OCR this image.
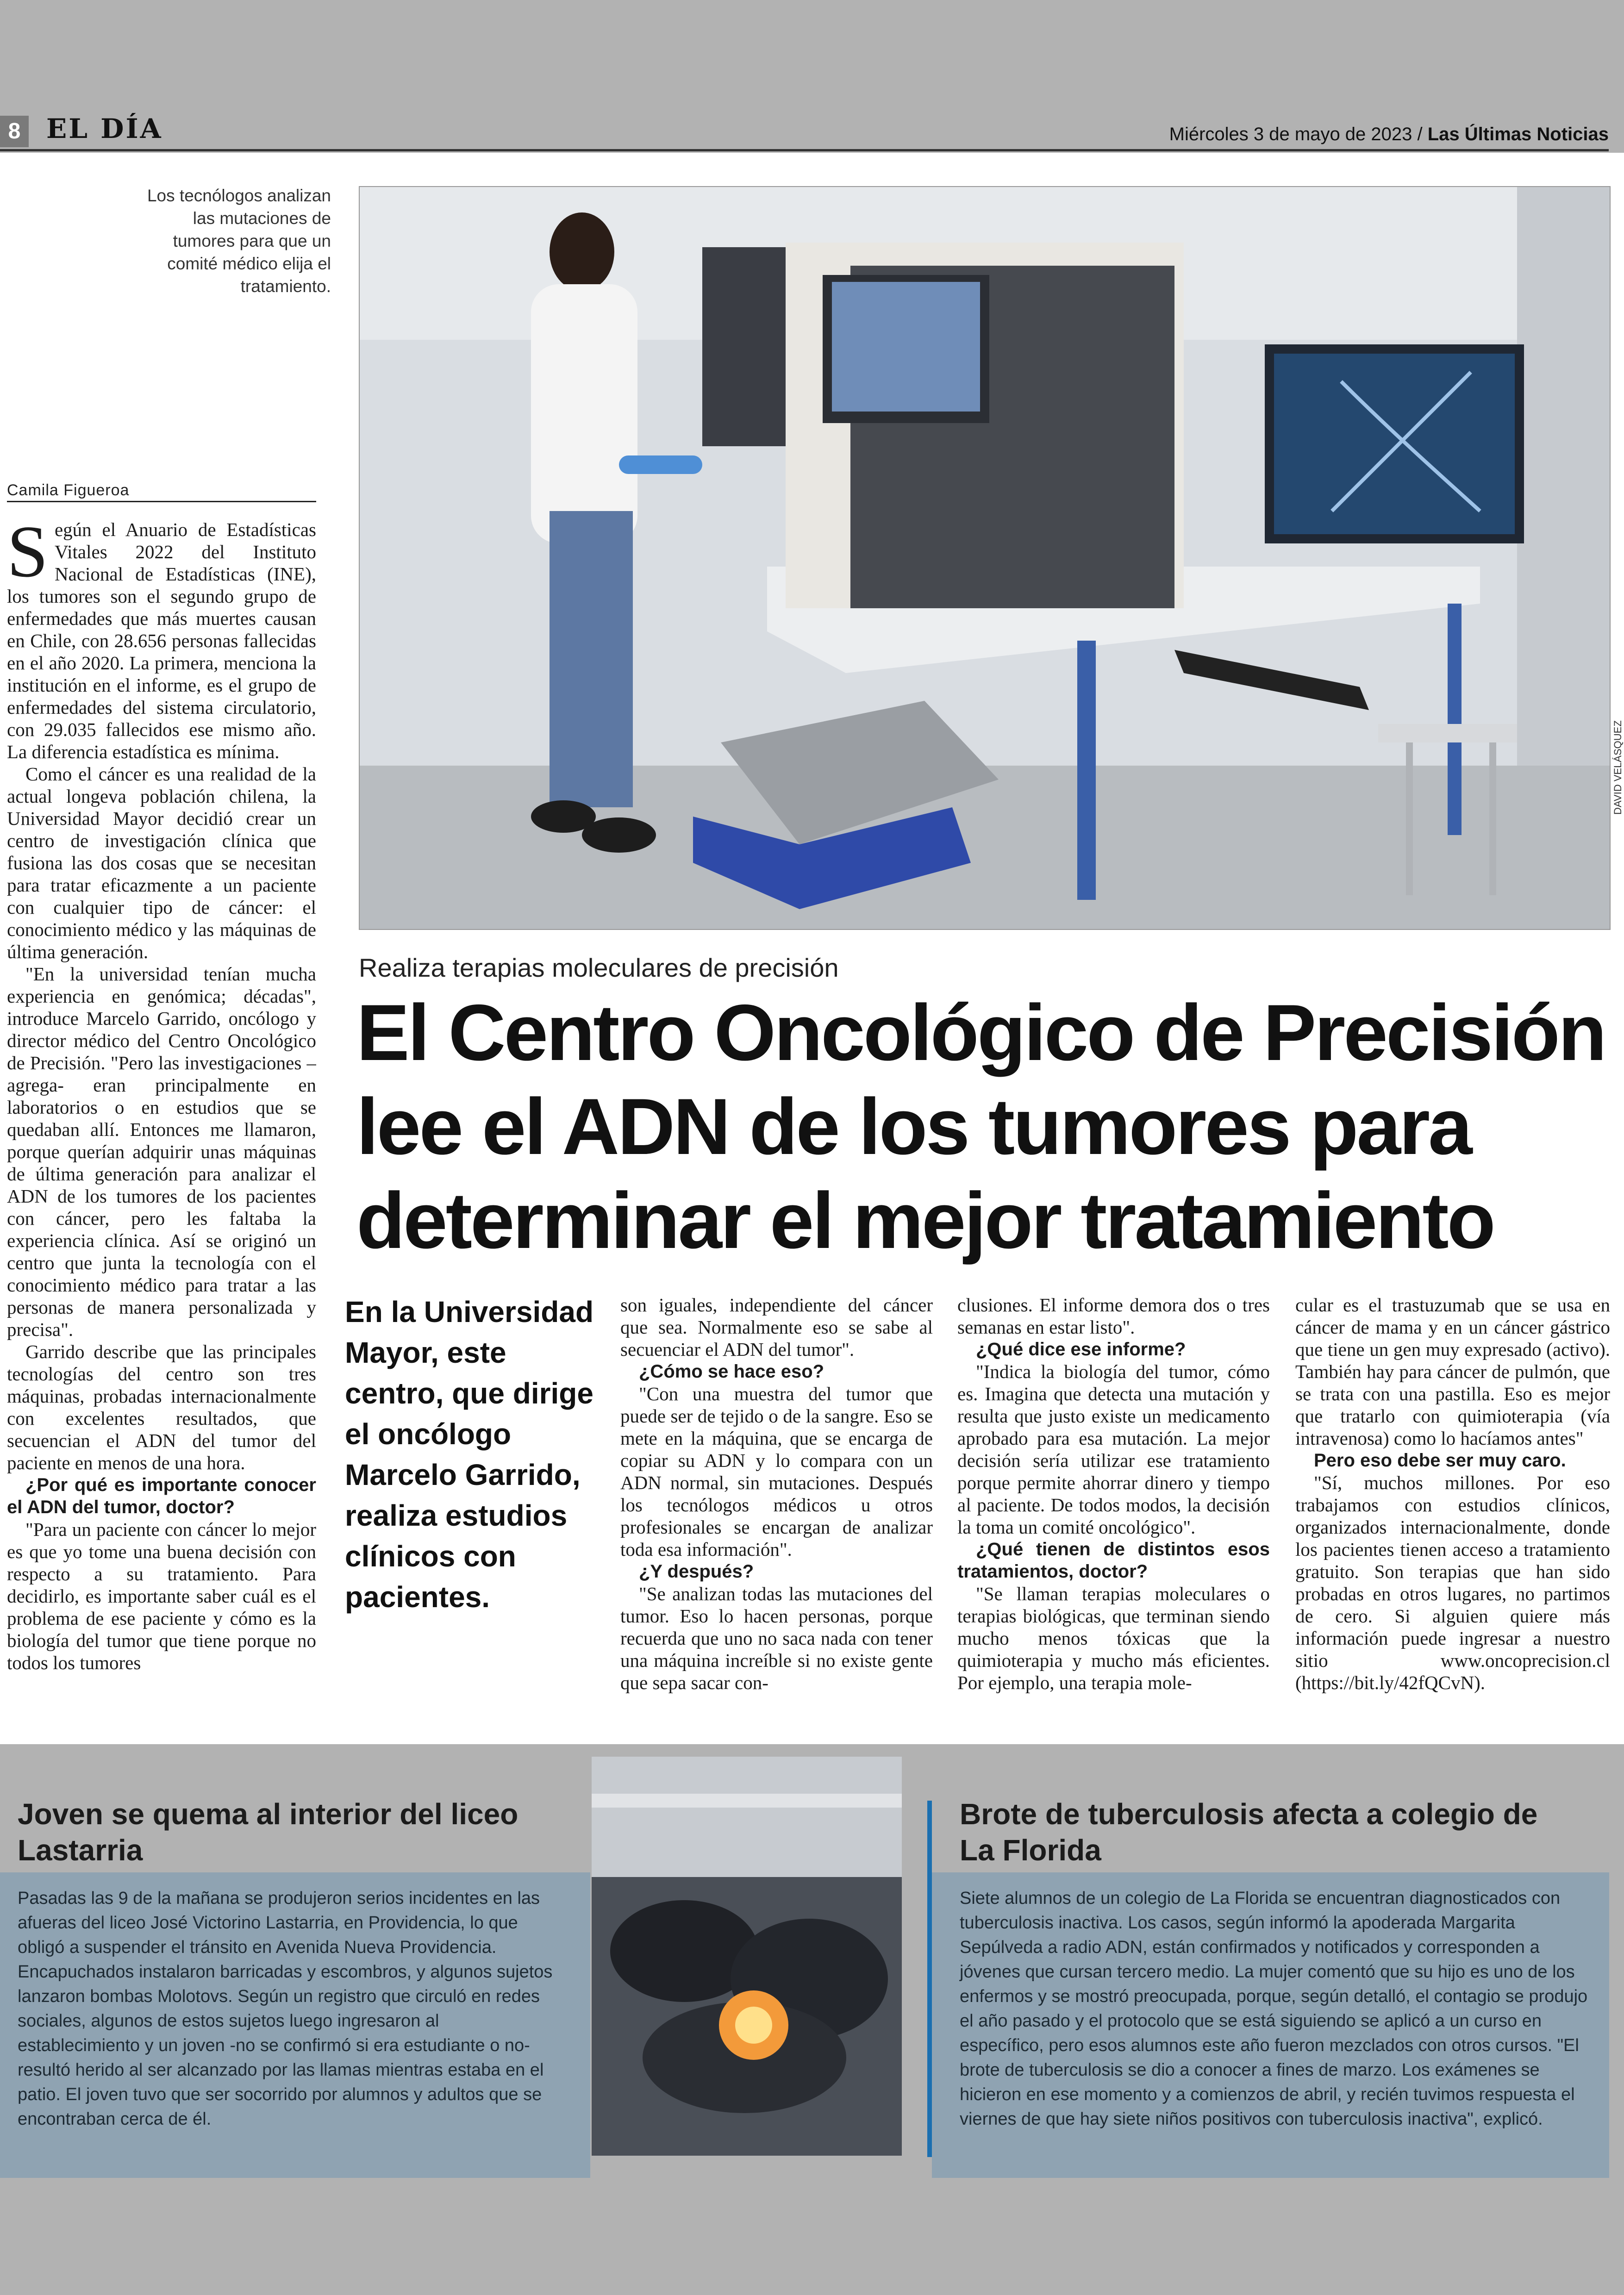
8 EL DÍA	Miércoles 3 de mayo de 2023 / Las Últimas Noticias
Los tecnólogos analizan las mutaciones de tumores para que un comité médico elija el tratamiento.
DAVID VELÁSQUEZ
Camila Figueroa

Según el Anuario de Estadísticas Vitales 2022 del Instituto Nacional de Estadísticas (INE), los tumores son el segundo grupo de enfermedades que más muertes causan en Chile, con 28.656 personas fallecidas en el año 2020. La primera, menciona la institución en el informe, es el grupo de enfermedades del sistema circulatorio, con 29.035 fallecidos ese mismo año. La diferencia estadística es mínima.

Como el cáncer es una realidad de la actual longeva población chilena, la Universidad Mayor decidió crear un centro de investigación clínica que fusiona las dos cosas que se necesitan para tratar eficazmente a un paciente con cualquier tipo de cáncer: el conocimiento médico y las máquinas de última generación.

"En la universidad tenían mucha experiencia en genómica; décadas", introduce Marcelo Garrido, oncólogo y director médico del Centro Oncológico de Precisión. "Pero las investigaciones –agrega- eran principalmente en laboratorios o en estudios que se quedaban allí. Entonces me llamaron, porque querían adquirir unas máquinas de última generación para analizar el ADN de los tumores de los pacientes con cáncer, pero les faltaba la experiencia clínica. Así se originó un centro que junta la tecnología con el conocimiento médico para tratar a las personas de manera personalizada y precisa".

Garrido describe que las principales tecnologías del centro son tres máquinas, probadas internacionalmente con excelentes resultados, que secuencian el ADN del tumor del paciente en menos de una hora.

¿Por qué es importante conocer el ADN del tumor, doctor?

"Para un paciente con cáncer lo mejor es que yo tome una buena decisión con respecto a su tratamiento. Para decidirlo, es importante saber cuál es el problema de ese paciente y cómo es la biología del tumor que tiene porque no todos los tumores

Realiza terapias moleculares de precisión
El Centro Oncológico de Precisión
lee el ADN de los tumores para
determinar el mejor tratamiento
En la Universidad Mayor, este centro, que dirige el oncólogo Marcelo Garrido, realiza estudios clínicos con pacientes.

son iguales, independiente del cáncer que sea. Normalmente eso se sabe al secuenciar el ADN del tumor".

¿Cómo se hace eso?

"Con una muestra del tumor que puede ser de tejido o de la sangre. Eso se mete en la máquina, que se encarga de copiar su ADN y lo compara con un ADN normal, sin mutaciones. Después los tecnólogos médicos u otros profesionales se encargan de analizar toda esa información".

¿Y después?

"Se analizan todas las mutaciones del tumor. Eso lo hacen personas, porque recuerda que uno no saca nada con tener una máquina increíble si no existe gente que sepa sacar con-

clusiones. El informe demora dos o tres semanas en estar listo".

¿Qué dice ese informe?

"Indica la biología del tumor, cómo es. Imagina que detecta una mutación y resulta que justo existe un medicamento aprobado para esa mutación. La mejor decisión sería utilizar ese tratamiento porque permite ahorrar dinero y tiempo al paciente. De todos modos, la decisión la toma un comité oncológico".

¿Qué tienen de distintos esos tratamientos, doctor?

"Se llaman terapias moleculares o terapias biológicas, que terminan siendo mucho menos tóxicas que la quimioterapia y mucho más eficientes. Por ejemplo, una terapia mole-

cular es el trastuzumab que se usa en cáncer de mama y en un cáncer gástrico que tiene un gen muy expresado (activo). También hay para cáncer de pulmón, que se trata con una pastilla. Eso es mejor que tratarlo con quimioterapia (vía intravenosa) como lo hacíamos antes"

Pero eso debe ser muy caro.

"Sí, muchos millones. Por eso trabajamos con estudios clínicos, organizados internacionalmente, donde los pacientes tienen acceso a tratamiento gratuito. Son terapias que han sido probadas en otros lugares, no partimos de cero. Si alguien quiere más información puede ingresar a nuestro sitio www.oncoprecision.cl (https://bit.ly/42fQCvN).

Joven se quema al interior del liceo Lastarria
Pasadas las 9 de la mañana se produjeron serios incidentes en las afueras del liceo José Victorino Lastarria, en Providencia, lo que obligó a suspender el tránsito en Avenida Nueva Providencia. Encapuchados instalaron barricadas y escombros, y algunos sujetos lanzaron bombas Molotovs. Según un registro que circuló en redes sociales, algunos de estos sujetos luego ingresaron al establecimiento y un joven -no se confirmó si era estudiante o no- resultó herido al ser alcanzado por las llamas mientras estaba en el patio. El joven tuvo que ser socorrido por alumnos y adultos que se encontraban cerca de él.
Brote de tuberculosis afecta a colegio de La Florida
Siete alumnos de un colegio de La Florida se encuentran diagnosticados con tuberculosis inactiva. Los casos, según informó la apoderada Margarita Sepúlveda a radio ADN, están confirmados y notificados y corresponden a jóvenes que cursan tercero medio. La mujer comentó que su hijo es uno de los enfermos y se mostró preocupada, porque, según detalló, el contagio se produjo el año pasado y el protocolo que se está siguiendo se aplicó a un curso en específico, pero esos alumnos este año fueron mezclados con otros cursos. "El brote de tuberculosis se dio a conocer a fines de marzo. Los exámenes se hicieron en ese momento y a comienzos de abril, y recién tuvimos respuesta el viernes de que hay siete niños positivos con tuberculosis inactiva", explicó.
